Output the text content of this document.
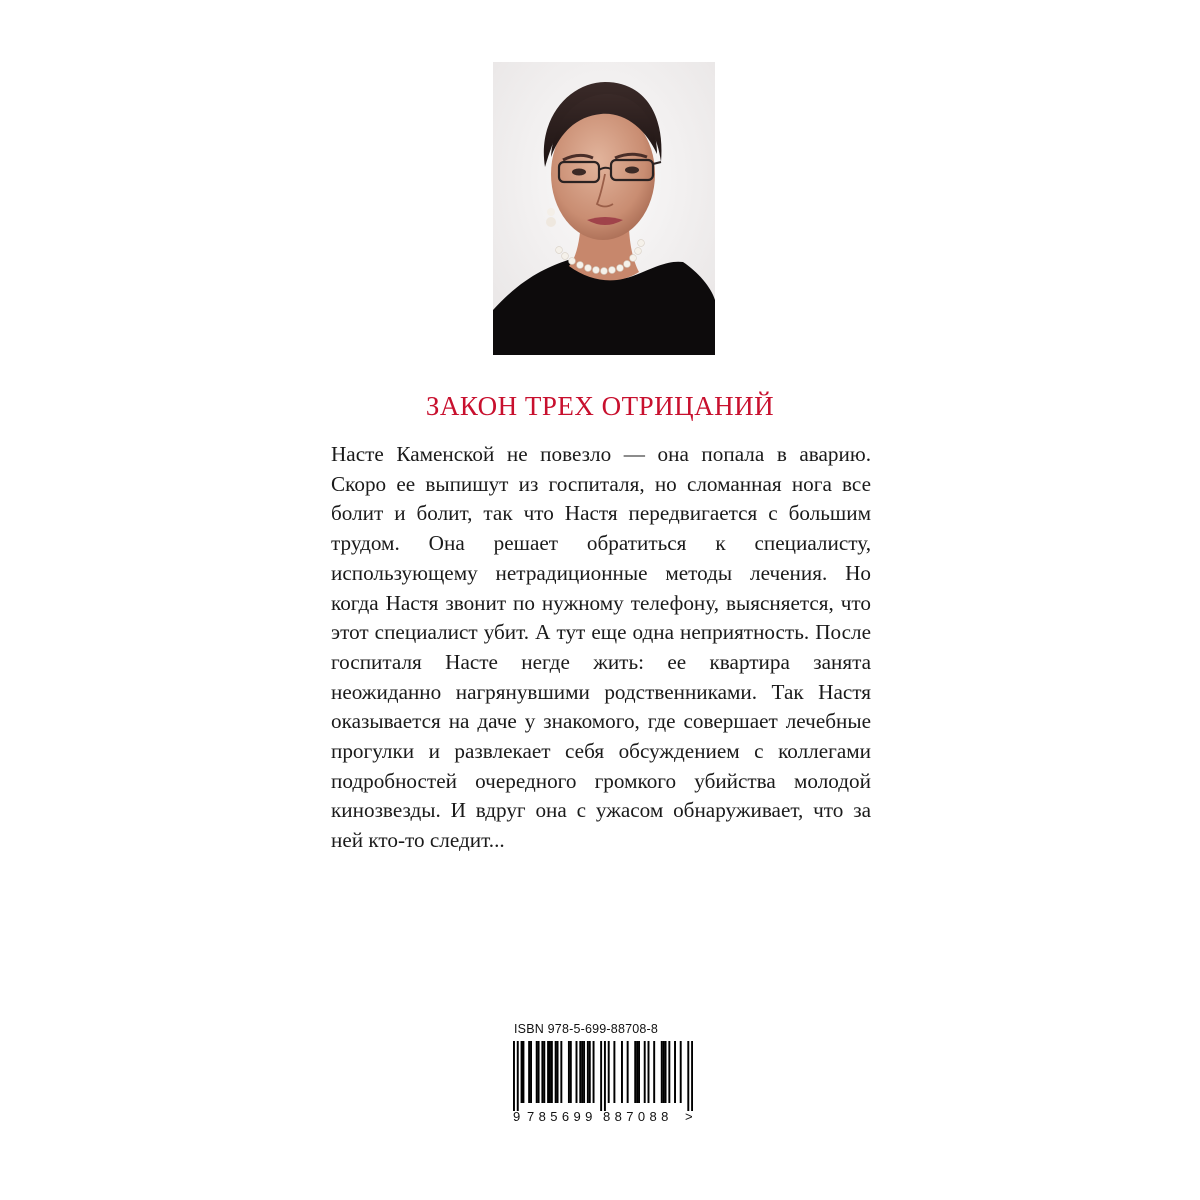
ЗАКОН ТРЕХ ОТРИЦАНИЙ

Насте Каменской не повезло — она попала в аварию. Скоро ее выпишут из госпиталя, но сломанная нога все болит и болит, так что Настя передвигается с большим трудом. Она решает обратиться к специалисту, использующему нетрадиционные методы лечения. Но когда Настя звонит по нужному телефону, выясняется, что этот специалист убит. А тут еще одна неприятность. После госпиталя Насте негде жить: ее квартира занята неожиданно нагрянувшими родственниками. Так Настя оказывается на даче у знакомого, где совершает лечебные прогулки и развлекает себя обсуждением с коллегами подробностей очередного громкого убийства молодой кинозвезды. И вдруг она с ужасом обнаруживает, что за ней кто-то следит...

ISBN 978-5-699-88708-8
9 785699 887088 >
